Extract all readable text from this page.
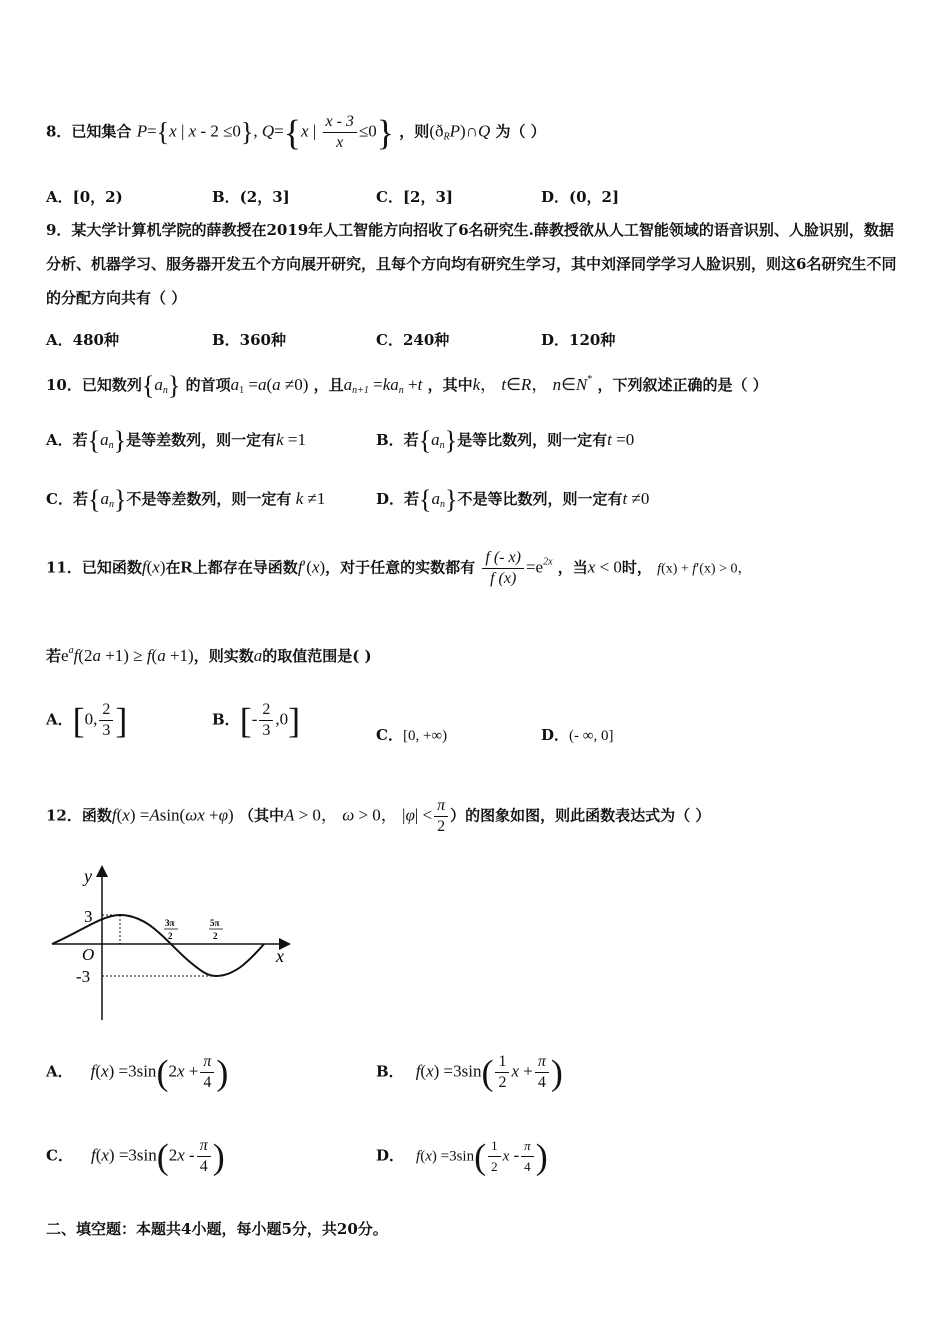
8．已知集合 P={x | x - 2 ≤0}, Q={x | $\frac{x - 3}{x} \le 0$} ，则$(ð_RP)\cap Q$ 为（ ）
A．[0，2)	B．(2，3]	C．[2，3]	D．(0，2]
9．某大学计算机学院的薛教授在2019年人工智能方向招收了6名研究生.薛教授欲从人工智能领域的语音识别、人脸识别，数据分析、机器学习、服务器开发五个方向展开研究，且每个方向均有研究生学习，其中刘泽同学学习人脸识别，则这6名研究生不同的分配方向共有（ ）
A．480种	B．360种	C．240种	D．120种
10．已知数列$\{a_n\}$ 的首项$a_1 =a(a \ne 0)$ ，且$a_{n+1} =ka_n +t$ ，其中k， t∈R， n∈N* ，下列叙述正确的是（ ）
A．若$\{a_n\}$是等差数列，则一定有k =1	B．若$\{a_n\}$是等比数列，则一定有t =0
C．若$\{a_n\}$不是等差数列，则一定有 k ≠1	D．若$\{a_n\}$不是等比数列，则一定有t ≠0
11．已知函数f(x)在R上都存在导函数f′(x)，对于任意的实数都有 $\frac{f (- x)}{f (x)} =e^{2x}$ ，当x < 0时， f(x) + f′(x) > 0，
若$e^af(2a +1) \ge f(a +1)$，则实数a的取值范围是( )
A．[0, $\frac{2}{3}$ ]	B．[- $\frac{2}{3} ,0$]	C．[0, +∞)	D．(- ∞, 0]
12．函数f(x) =Asin(ωx +φ) （其中A > 0， ω > 0， $|\varphi| < \frac{\pi}{2}$ ）的图象如图，则此函数表达式为（ ）
y
x
O
3
-3
3π
2
5π
2
A． $f(x) =3\sin(2x + \frac{\pi}{4}$ )	B． $f(x) =3\sin( \frac{1}{2}$ $x + \frac{\pi}{4}$ )
C． $f(x) =3\sin(2x - \frac{\pi}{4}$ )	D． $f(x) =3\sin( \frac{1}{2}$ x - $\frac{\pi}{4}$ )
二、填空题：本题共4小题，每小题5分，共20分。
